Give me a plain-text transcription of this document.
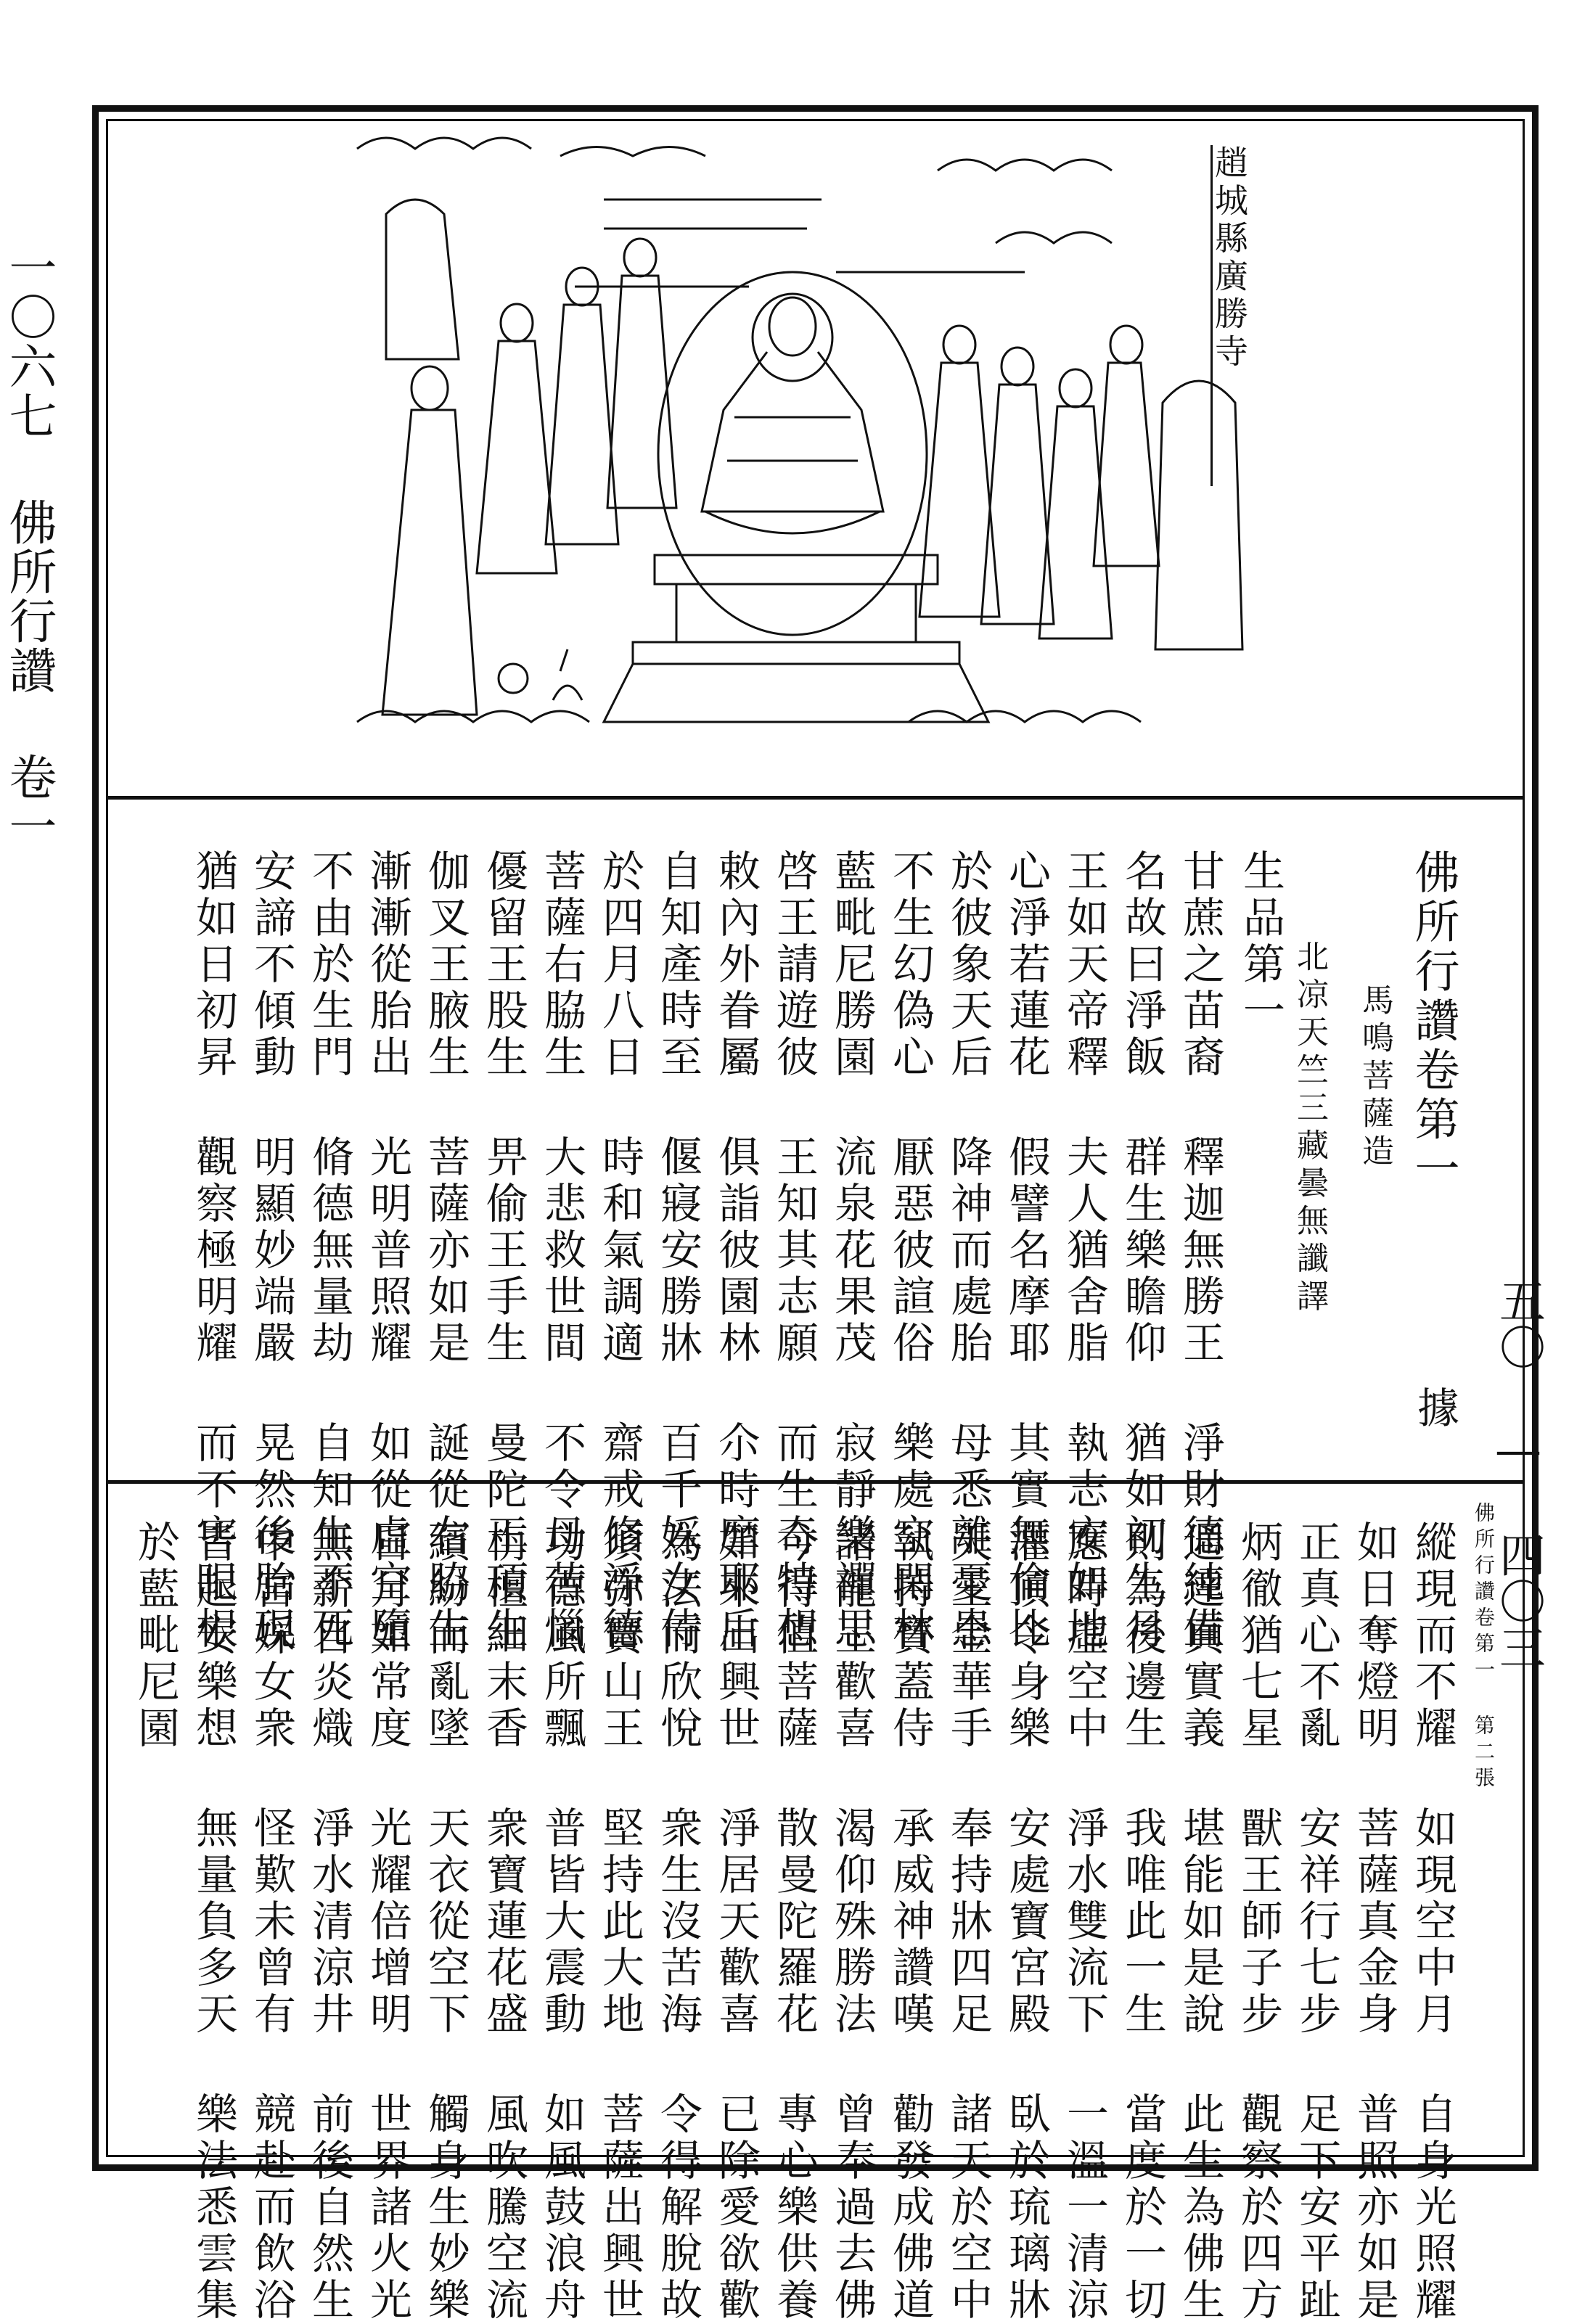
一〇六七 佛所行讚 卷一	趙城縣廣勝寺
佛所行讚卷第一
馬鳴菩薩造
北凉天竺三藏曇無讖譯
據
生品第一
甘蔗之苗裔 釋迦無勝王 淨財德純備
名故曰淨飯 群生樂瞻仰 猶如初生月
王如天帝釋 夫人猶舍脂 執志安如地
心淨若蓮花 假譬名摩耶 其實無倫比
於彼象天后 降神而處胎 母悉離憂患
不生幻偽心 厭惡彼諠俗 樂處空閑林
藍毗尼勝園 流泉花果茂 寂靜樂禪思
啓王請遊彼 王知其志願 而生奇特想
敕內外眷屬 俱詣彼園林 尒時摩耶后
自知產時至 偃寢安勝牀 百千婇女侍
於四月八日 時和氣調適 齋戒修淨德
菩薩右脇生 大悲救世間 不令母苦惱
優留王股生 畀偷王手生 曼陀王頂生
伽叉王腋生 菩薩亦如是 誕從右脇生
漸漸從胎出 光明普照耀 如從虛空墮
不由於生門 脩德無量劫 自知生不死
安諦不傾動 明顯妙端嚴 晃然後胎現
猶如日初昇 觀察極明耀 而不害眼根	佛所行讚卷第一 第二張
縱現而不耀 如現空中月 自身光照耀
如日奪燈明 菩薩真金身 普照亦如是
正真心不亂 安祥行七步 足下安平趾
炳徹猶七星 獸王師子步 觀察於四方
通達真實義 堪能如是說 此生為佛生
則為後邊生 我唯此一生 當度於一切
應時虛空中 淨水雙流下 一溫一清涼
灌頂令身樂 安處寶宮殿 臥於琉璃牀
天王金華手 奉持牀四足 諸天於空中
執持寶蓋侍 承威神讚嘆 勸發成佛道
諸龍王歡喜 渴仰殊勝法 曾奉過去佛
今得值菩薩 散曼陀羅花 專心樂供養
如來出興世 淨居天歡喜 已除愛欲歡
為法而欣悅 衆生沒苦海 令得解脫故
須弥寶山王 堅持此大地 菩薩出興世
功德風所飄 普皆大震動 如風鼓浪舟
栴檀細末香 衆寶蓮花盛 風吹騰空流
繽紛而亂墜 天衣從空下 觸身生妙樂
日月如常度 光耀倍增明 世界諸火光
無薪自炎熾 淨水清涼井 前後自然生
中宮婇女衆 怪歎未曾有 競赴而飲浴
皆起安樂想 無量負多天 樂法悉雲集
於藍毗尼園	五〇 — 四〇三
